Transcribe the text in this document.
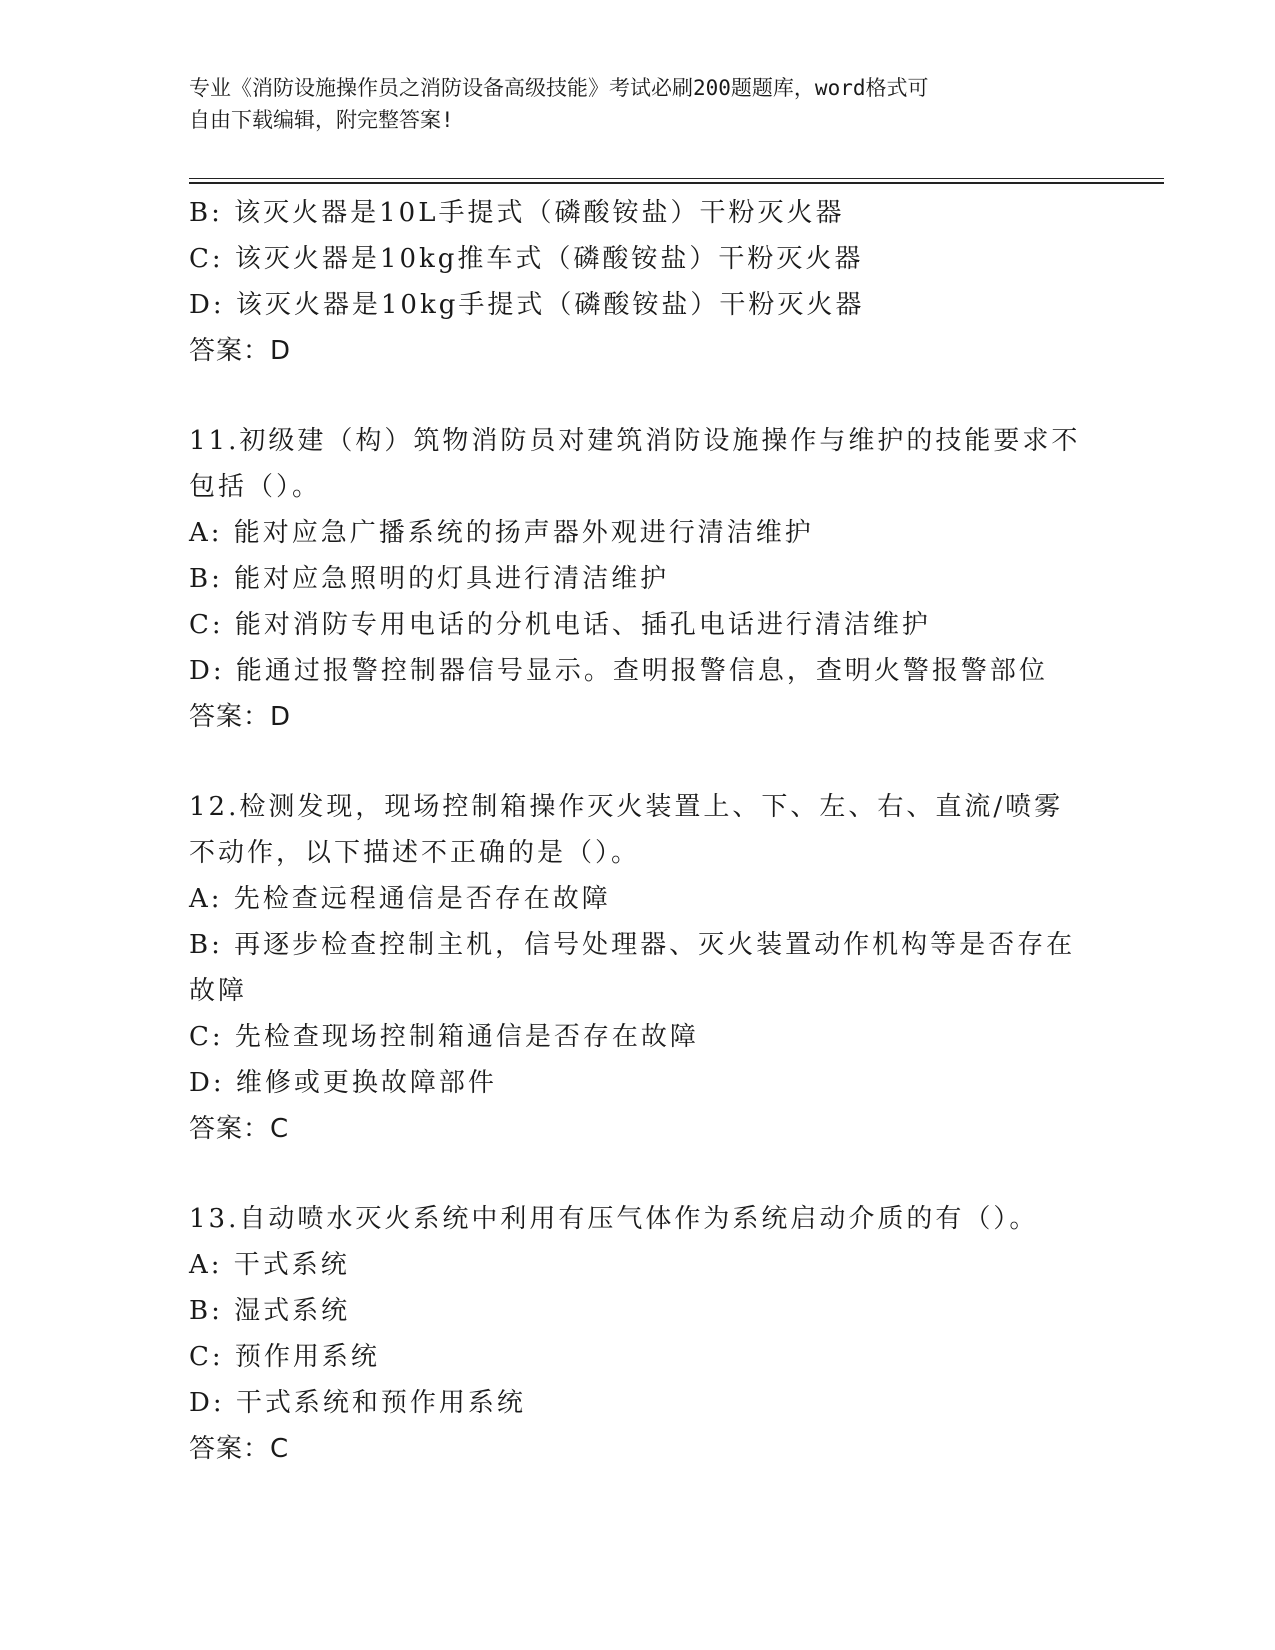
专业《消防设施操作员之消防设备高级技能》考试必刷200题题库，word格式可
自由下载编辑，附完整答案!
B: 该灭火器是10L手提式（磷酸铵盐）干粉灭火器
C: 该灭火器是10kg推车式（磷酸铵盐）干粉灭火器
D: 该灭火器是10kg手提式（磷酸铵盐）干粉灭火器
答案：D
11.初级建（构）筑物消防员对建筑消防设施操作与维护的技能要求不
包括（）。
A: 能对应急广播系统的扬声器外观进行清洁维护
B: 能对应急照明的灯具进行清洁维护
C: 能对消防专用电话的分机电话、插孔电话进行清洁维护
D: 能通过报警控制器信号显示。查明报警信息，查明火警报警部位
答案：D
12.检测发现，现场控制箱操作灭火装置上、下、左、右、直流/喷雾
不动作，以下描述不正确的是（）。
A: 先检查远程通信是否存在故障
B: 再逐步检查控制主机，信号处理器、灭火装置动作机构等是否存在
故障
C: 先检查现场控制箱通信是否存在故障
D: 维修或更换故障部件
答案：C
13.自动喷水灭火系统中利用有压气体作为系统启动介质的有（）。
A: 干式系统
B: 湿式系统
C: 预作用系统
D: 干式系统和预作用系统
答案：C
